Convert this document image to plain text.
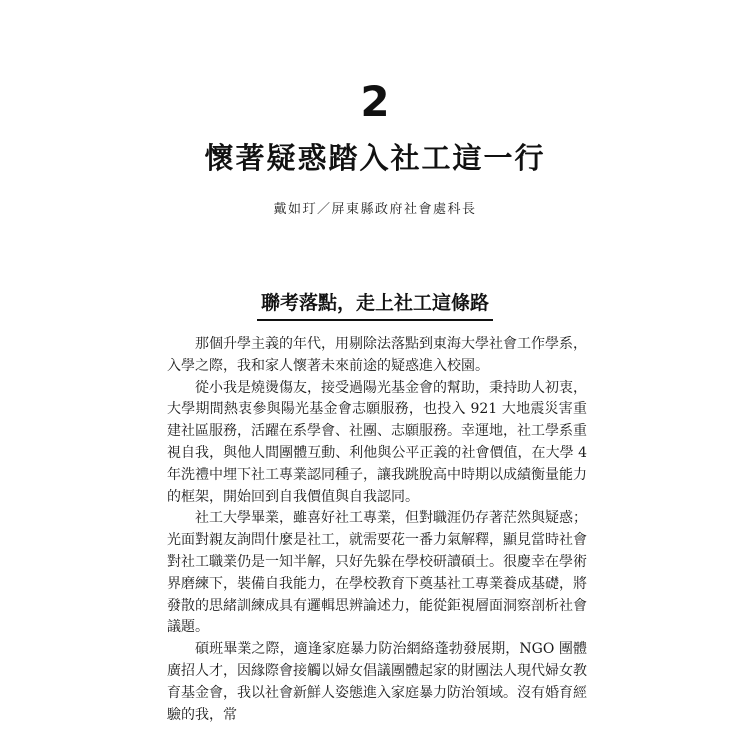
2
懷著疑惑踏入社工這一行
戴如玎／屏東縣政府社會處科長
聯考落點，走上社工這條路

那個升學主義的年代，用剔除法落點到東海大學社會工作學系，入學之際，我和家人懷著未來前途的疑惑進入校園。

從小我是燒燙傷友，接受過陽光基金會的幫助，秉持助人初衷，大學期間熱衷參與陽光基金會志願服務，也投入 921 大地震災害重建社區服務，活躍在系學會、社團、志願服務。幸運地，社工學系重視自我，與他人間團體互動、利他與公平正義的社會價值，在大學 4 年洗禮中埋下社工專業認同種子，讓我跳脫高中時期以成績衡量能力的框架，開始回到自我價值與自我認同。

社工大學畢業，雖喜好社工專業，但對職涯仍存著茫然與疑惑；光面對親友詢問什麼是社工，就需要花一番力氣解釋，顯見當時社會對社工職業仍是一知半解，只好先躲在學校研讀碩士。很慶幸在學術界磨練下，裝備自我能力，在學校教育下奠基社工專業養成基礎，將發散的思緒訓練成具有邏輯思辨論述力，能從鉅視層面洞察剖析社會議題。

碩班畢業之際，適逢家庭暴力防治網絡蓬勃發展期，NGO 團體廣招人才，因緣際會接觸以婦女倡議團體起家的財團法人現代婦女教育基金會，我以社會新鮮人姿態進入家庭暴力防治領域。沒有婚育經驗的我，常
